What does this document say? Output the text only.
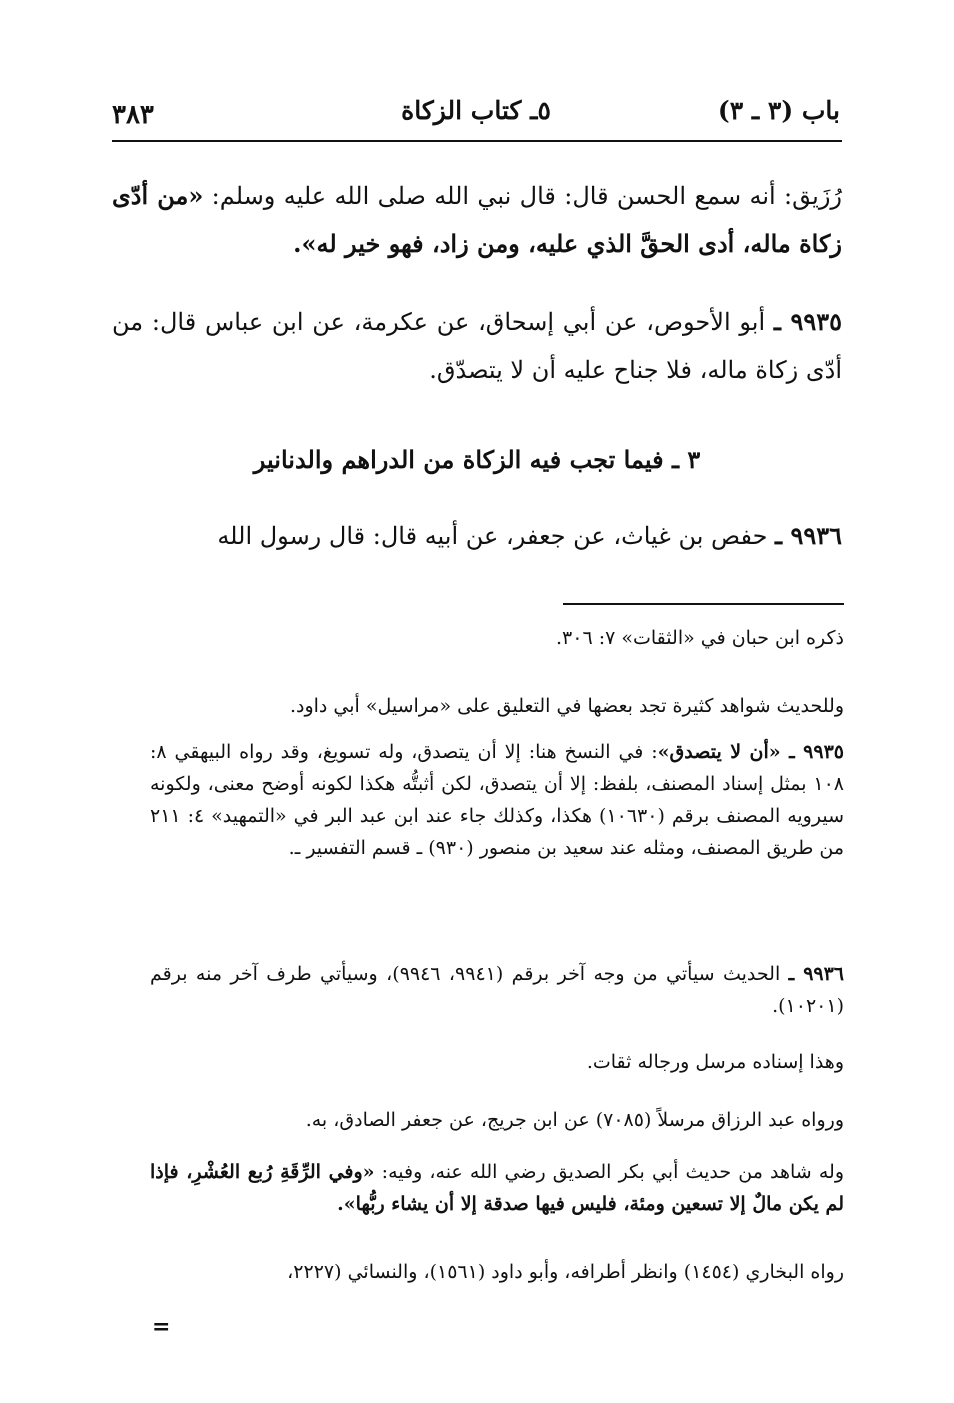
باب (٣ ـ ٣)
٥ـ كتاب الزكاة
٣٨٣
رُزَيق: أنه سمع الحسن قال: قال نبي الله صلى الله عليه وسلم: «من أدّى زكاة ماله، أدى الحقَّ الذي عليه، ومن زاد، فهو خير له».
٩٩٣٥ ـ أبو الأحوص، عن أبي إسحاق، عن عكرمة، عن ابن عباس قال: من أدّى زكاة ماله، فلا جناح عليه أن لا يتصدّق.
٣ ـ فيما تجب فيه الزكاة من الدراهم والدنانير
٩٩٣٦ ـ حفص بن غياث، عن جعفر، عن أبيه قال: قال رسول الله
ذكره ابن حبان في «الثقات» ٧: ٣٠٦.
وللحديث شواهد كثيرة تجد بعضها في التعليق على «مراسيل» أبي داود.
٩٩٣٥ ـ «أن لا يتصدق»: في النسخ هنا: إلا أن يتصدق، وله تسويغ، وقد رواه البيهقي ٨: ١٠٨ بمثل إسناد المصنف، بلفظ: إلا أن يتصدق، لكن أثبتُّه هكذا لكونه أوضح معنى، ولكونه سيرويه المصنف برقم (١٠٦٣٠) هكذا، وكذلك جاء عند ابن عبد البر في «التمهيد» ٤: ٢١١ من طريق المصنف، ومثله عند سعيد بن منصور (٩٣٠) ـ قسم التفسير ـ.
٩٩٣٦ ـ الحديث سيأتي من وجه آخر برقم (٩٩٤١، ٩٩٤٦)، وسيأتي طرف آخر منه برقم (١٠٢٠١).
وهذا إسناده مرسل ورجاله ثقات.
ورواه عبد الرزاق مرسلاً (٧٠٨٥) عن ابن جريج، عن جعفر الصادق، به.
وله شاهد من حديث أبي بكر الصديق رضي الله عنه، وفيه: «وفي الرِّقَةِ رُبع العُشْرِ، فإذا لم يكن مالٌ إلا تسعين ومئة، فليس فيها صدقة إلا أن يشاء ربُّها».
رواه البخاري (١٤٥٤) وانظر أطرافه، وأبو داود (١٥٦١)، والنسائي (٢٢٢٧،
=
